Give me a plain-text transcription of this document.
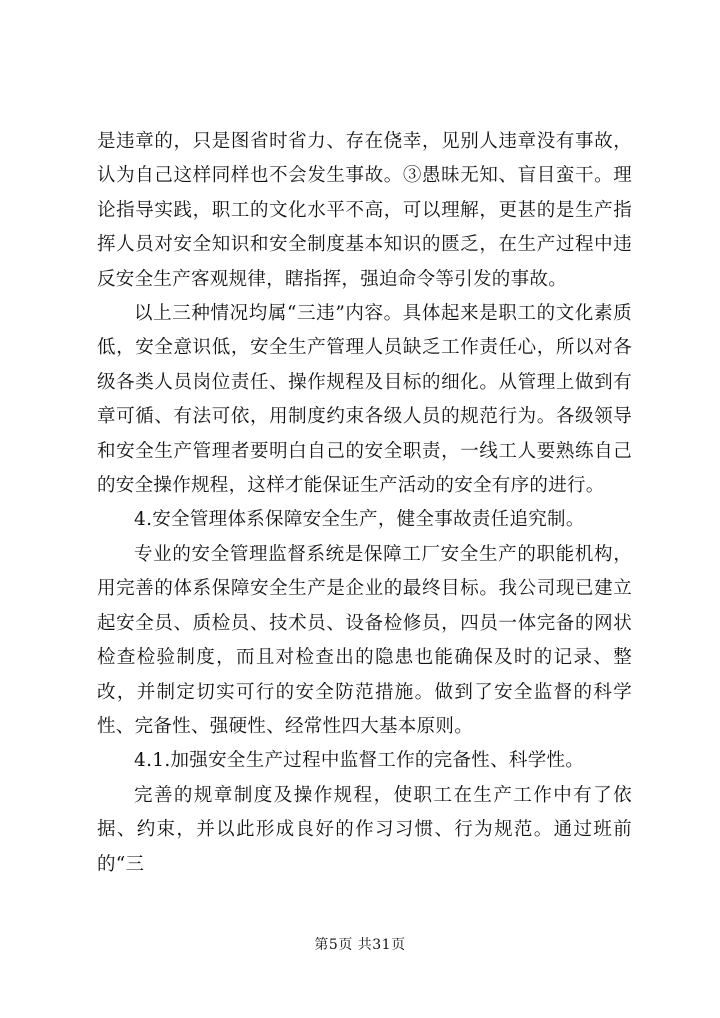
是违章的，只是图省时省力、存在侥幸，见别人违章没有事故，认为自己这样同样也不会发生事故。③愚昧无知、盲目蛮干。理论指导实践，职工的文化水平不高，可以理解，更甚的是生产指挥人员对安全知识和安全制度基本知识的匮乏，在生产过程中违反安全生产客观规律，瞎指挥，强迫命令等引发的事故。

以上三种情况均属“三违”内容。具体起来是职工的文化素质低，安全意识低，安全生产管理人员缺乏工作责任心，所以对各级各类人员岗位责任、操作规程及目标的细化。从管理上做到有章可循、有法可依，用制度约束各级人员的规范行为。各级领导和安全生产管理者要明白自己的安全职责，一线工人要熟练自己的安全操作规程，这样才能保证生产活动的安全有序的进行。

4.安全管理体系保障安全生产，健全事故责任追究制。

专业的安全管理监督系统是保障工厂安全生产的职能机构，用完善的体系保障安全生产是企业的最终目标。我公司现已建立起安全员、质检员、技术员、设备检修员，四员一体完备的网状检查检验制度，而且对检查出的隐患也能确保及时的记录、整改，并制定切实可行的安全防范措施。做到了安全监督的科学性、完备性、强硬性、经常性四大基本原则。

4.1.加强安全生产过程中监督工作的完备性、科学性。

完善的规章制度及操作规程，使职工在生产工作中有了依据、约束，并以此形成良好的作习习惯、行为规范。通过班前的“三

第5页 共31页
